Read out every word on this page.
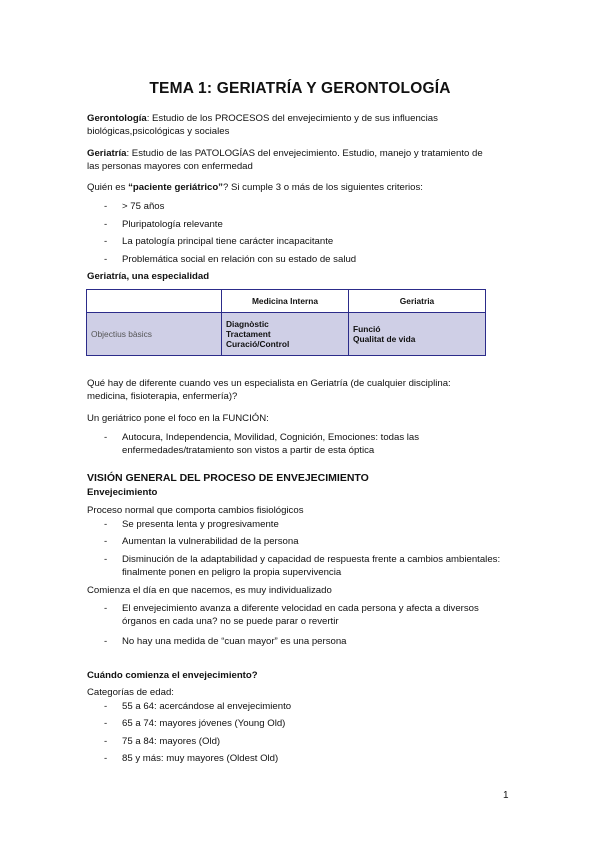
TEMA 1: GERIATRÍA Y GERONTOLOGÍA
Gerontología: Estudio de los PROCESOS del envejecimiento y de sus influencias
biológicas,psicológicas y sociales
Geriatría: Estudio de las PATOLOGÍAS del envejecimiento. Estudio, manejo y tratamiento de
las personas mayores con enfermedad
Quién es “paciente geriátrico”? Si cumple 3 o más de los siguientes criterios:
- > 75 años
- Pluripatología relevante
- La patología principal tiene carácter incapacitante
- Problemática social en relación con su estado de salud
Geriatría, una especialidad
	Medicina Interna	Geriatria
Objectius bàsics	Diagnòstic
Tractament
Curació/Control	Funció
Qualitat de vida
Qué hay de diferente cuando ves un especialista en Geriatría (de cualquier disciplina:
medicina, fisioterapia, enfermería)?
Un geriátrico pone el foco en la FUNCIÓN:
- Autocura, Independencia, Movilidad, Cognición, Emociones: todas las
enfermedades/tratamiento son vistos a partir de esta óptica
VISIÓN GENERAL DEL PROCESO DE ENVEJECIMIENTO
Envejecimiento
Proceso normal que comporta cambios fisiológicos
- Se presenta lenta y progresivamente
- Aumentan la vulnerabilidad de la persona
- Disminución de la adaptabilidad y capacidad de respuesta frente a cambios ambientales:
finalmente ponen en peligro la propia supervivencia
Comienza el día en que nacemos, es muy individualizado
- El envejecimiento avanza a diferente velocidad en cada persona y afecta a diversos
órganos en cada una? no se puede parar o revertir
- No hay una medida de “cuan mayor” es una persona
Cuándo comienza el envejecimiento?
Categorías de edad:
- 55 a 64: acercándose al envejecimiento
- 65 a 74: mayores jóvenes (Young Old)
- 75 a 84: mayores (Old)
- 85 y más: muy mayores (Oldest Old)
1
